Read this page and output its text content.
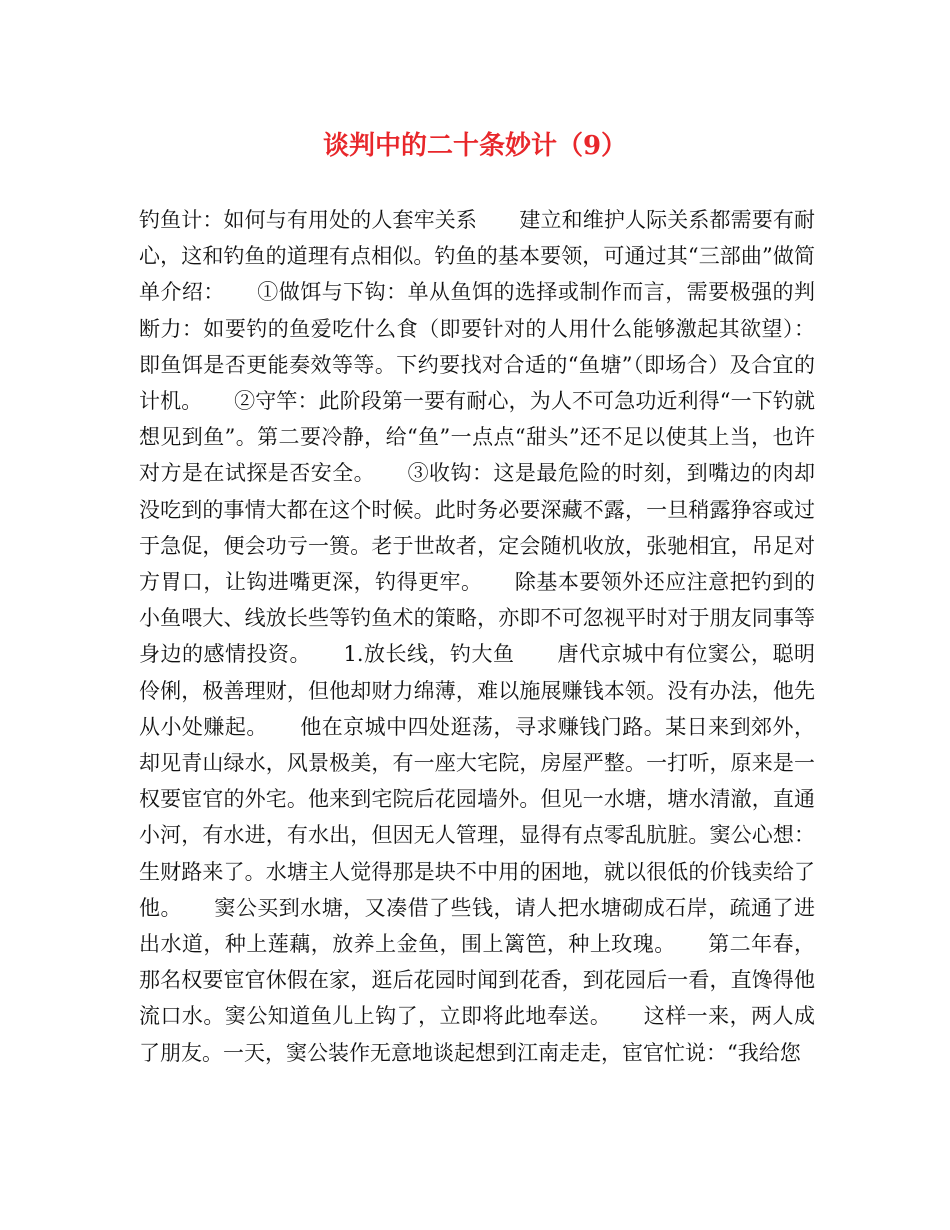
谈判中的二十条妙计（9）

钓鱼计：如何与有用处的人套牢关系　　建立和维护人际关系都需要有耐心，这和钓鱼的道理有点相似。钓鱼的基本要领，可通过其“三部曲”做简单介绍：　　①做饵与下钩：单从鱼饵的选择或制作而言，需要极强的判断力：如要钓的鱼爱吃什么食（即要针对的人用什么能够激起其欲望）：即鱼饵是否更能奏效等等。下约要找对合适的“鱼塘”（即场合）及合宜的计机。　　②守竿：此阶段第一要有耐心，为人不可急功近利得“一下钓就想见到鱼”。第二要冷静，给“鱼”一点点“甜头”还不足以使其上当，也许对方是在试探是否安全。　　③收钩：这是最危险的时刻，到嘴边的肉却没吃到的事情大都在这个时候。此时务必要深藏不露，一旦稍露狰容或过于急促，便会功亏一篑。老于世故者，定会随机收放，张驰相宜，吊足对方胃口，让钩进嘴更深，钓得更牢。　　除基本要领外还应注意把钓到的小鱼喂大、线放长些等钓鱼术的策略，亦即不可忽视平时对于朋友同事等身边的感情投资。　　1.放长线，钓大鱼　　唐代京城中有位窦公，聪明伶俐，极善理财，但他却财力绵薄，难以施展赚钱本领。没有办法，他先从小处赚起。　　他在京城中四处逛荡，寻求赚钱门路。某日来到郊外，却见青山绿水，风景极美，有一座大宅院，房屋严整。一打听，原来是一权要宦官的外宅。他来到宅院后花园墙外。但见一水塘，塘水清澈，直通小河，有水进，有水出，但因无人管理，显得有点零乱肮脏。窦公心想：生财路来了。水塘主人觉得那是块不中用的困地，就以很低的价钱卖给了他。　　窦公买到水塘，又凑借了些钱，请人把水塘砌成石岸，疏通了进出水道，种上莲藕，放养上金鱼，围上篱笆，种上玫瑰。　　第二年春，那名权要宦官休假在家，逛后花园时闻到花香，到花园后一看，直馋得他流口水。窦公知道鱼儿上钩了，立即将此地奉送。　　这样一来，两人成了朋友。一天，窦公装作无意地谈起想到江南走走，宦官忙说：“我给您
